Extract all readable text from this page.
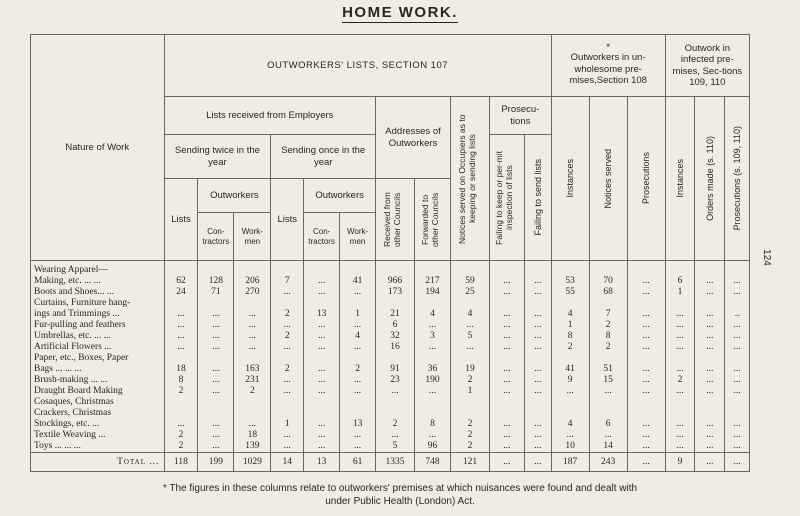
HOME WORK.
124
Nature of Work	OUTWORKERS' LISTS, SECTION 107											*
Outworkers in un-wholesome pre-mises,Section 108			Outwork in infected pre-mises, Sec-tions 109, 110		
	Lists received from Employers						Addresses of Outworkers		Notices served on Occupiers as to keeping or sending lists	Prosecu-tions		Instances	Notices served	Prosecutions	Instances	Orders made (s. 110)	Prosecutions (s. 109, 110)

	Sending twice in the year			Sending once in the year						Failing to keep or per-mit inspection of lists	Failing to send lists						

	Lists	Outworkers		Lists	Outworkers		Received from other Councils	Forwarded to other Councils									

		Con-tractors	Work-men		Con-tractors	Work-men											
Wearing Apparel—																	
Making, etc. ... ...	62	128	206	7	...	41	966	217	59	...	...	53	70	...	6	...	...
Boots and Shoes... ...	24	71	270	...	...	...	173	194	25	...	...	55	68	...	1	...	...
Curtains, Furniture hang-																	
ings and Trimmings ...	...	...	...	2	13	1	21	4	4	...	...	4	7	...	...	...	..
Fur-pulling and feathers	...	...	...	...	...	...	6	...	...	...	...	1	2	...	...	...	...
Umbrellas, etc. ... ...	...	...	...	2	...	4	32	3	5	...	...	8	8	...	...	...	...
Artificial Flowers ...	...	...	...	...	...	...	16	...	...	...	...	2	2	...	...	...	...
Paper, etc., Boxes, Paper																	
Bags ... ... ...	18	...	163	2	...	2	91	36	19	...	...	41	51	...	...	...	...
Brush-making ... ...	8	...	231	...	...	...	23	190	2	...	...	9	15	...	2	...	...
Draught Board Making	2	...	2	...	...	...	...	...	1	...	...	...	...	...	...	...	...
Cosaques, Christmas																	
Crackers, Christmas																	
Stockings, etc. ...	...	...	...	1	...	13	2	8	2	...	...	4	6	...	...	...	...
Textile Weaving ...	2	...	18	...	...	...	...	...	2	...	...	...	...	...	...	...	...
Toys ... ... ...	2	...	139	...	...	...	5	96	2	...	...	10	14	...	...	...	...
Total ...	118	199	1029	14	13	61	1335	748	121	...	...	187	243	...	9	...	...
* The figures in these columns relate to outworkers' premises at which nuisances were found and dealt with
under Public Health (London) Act.
